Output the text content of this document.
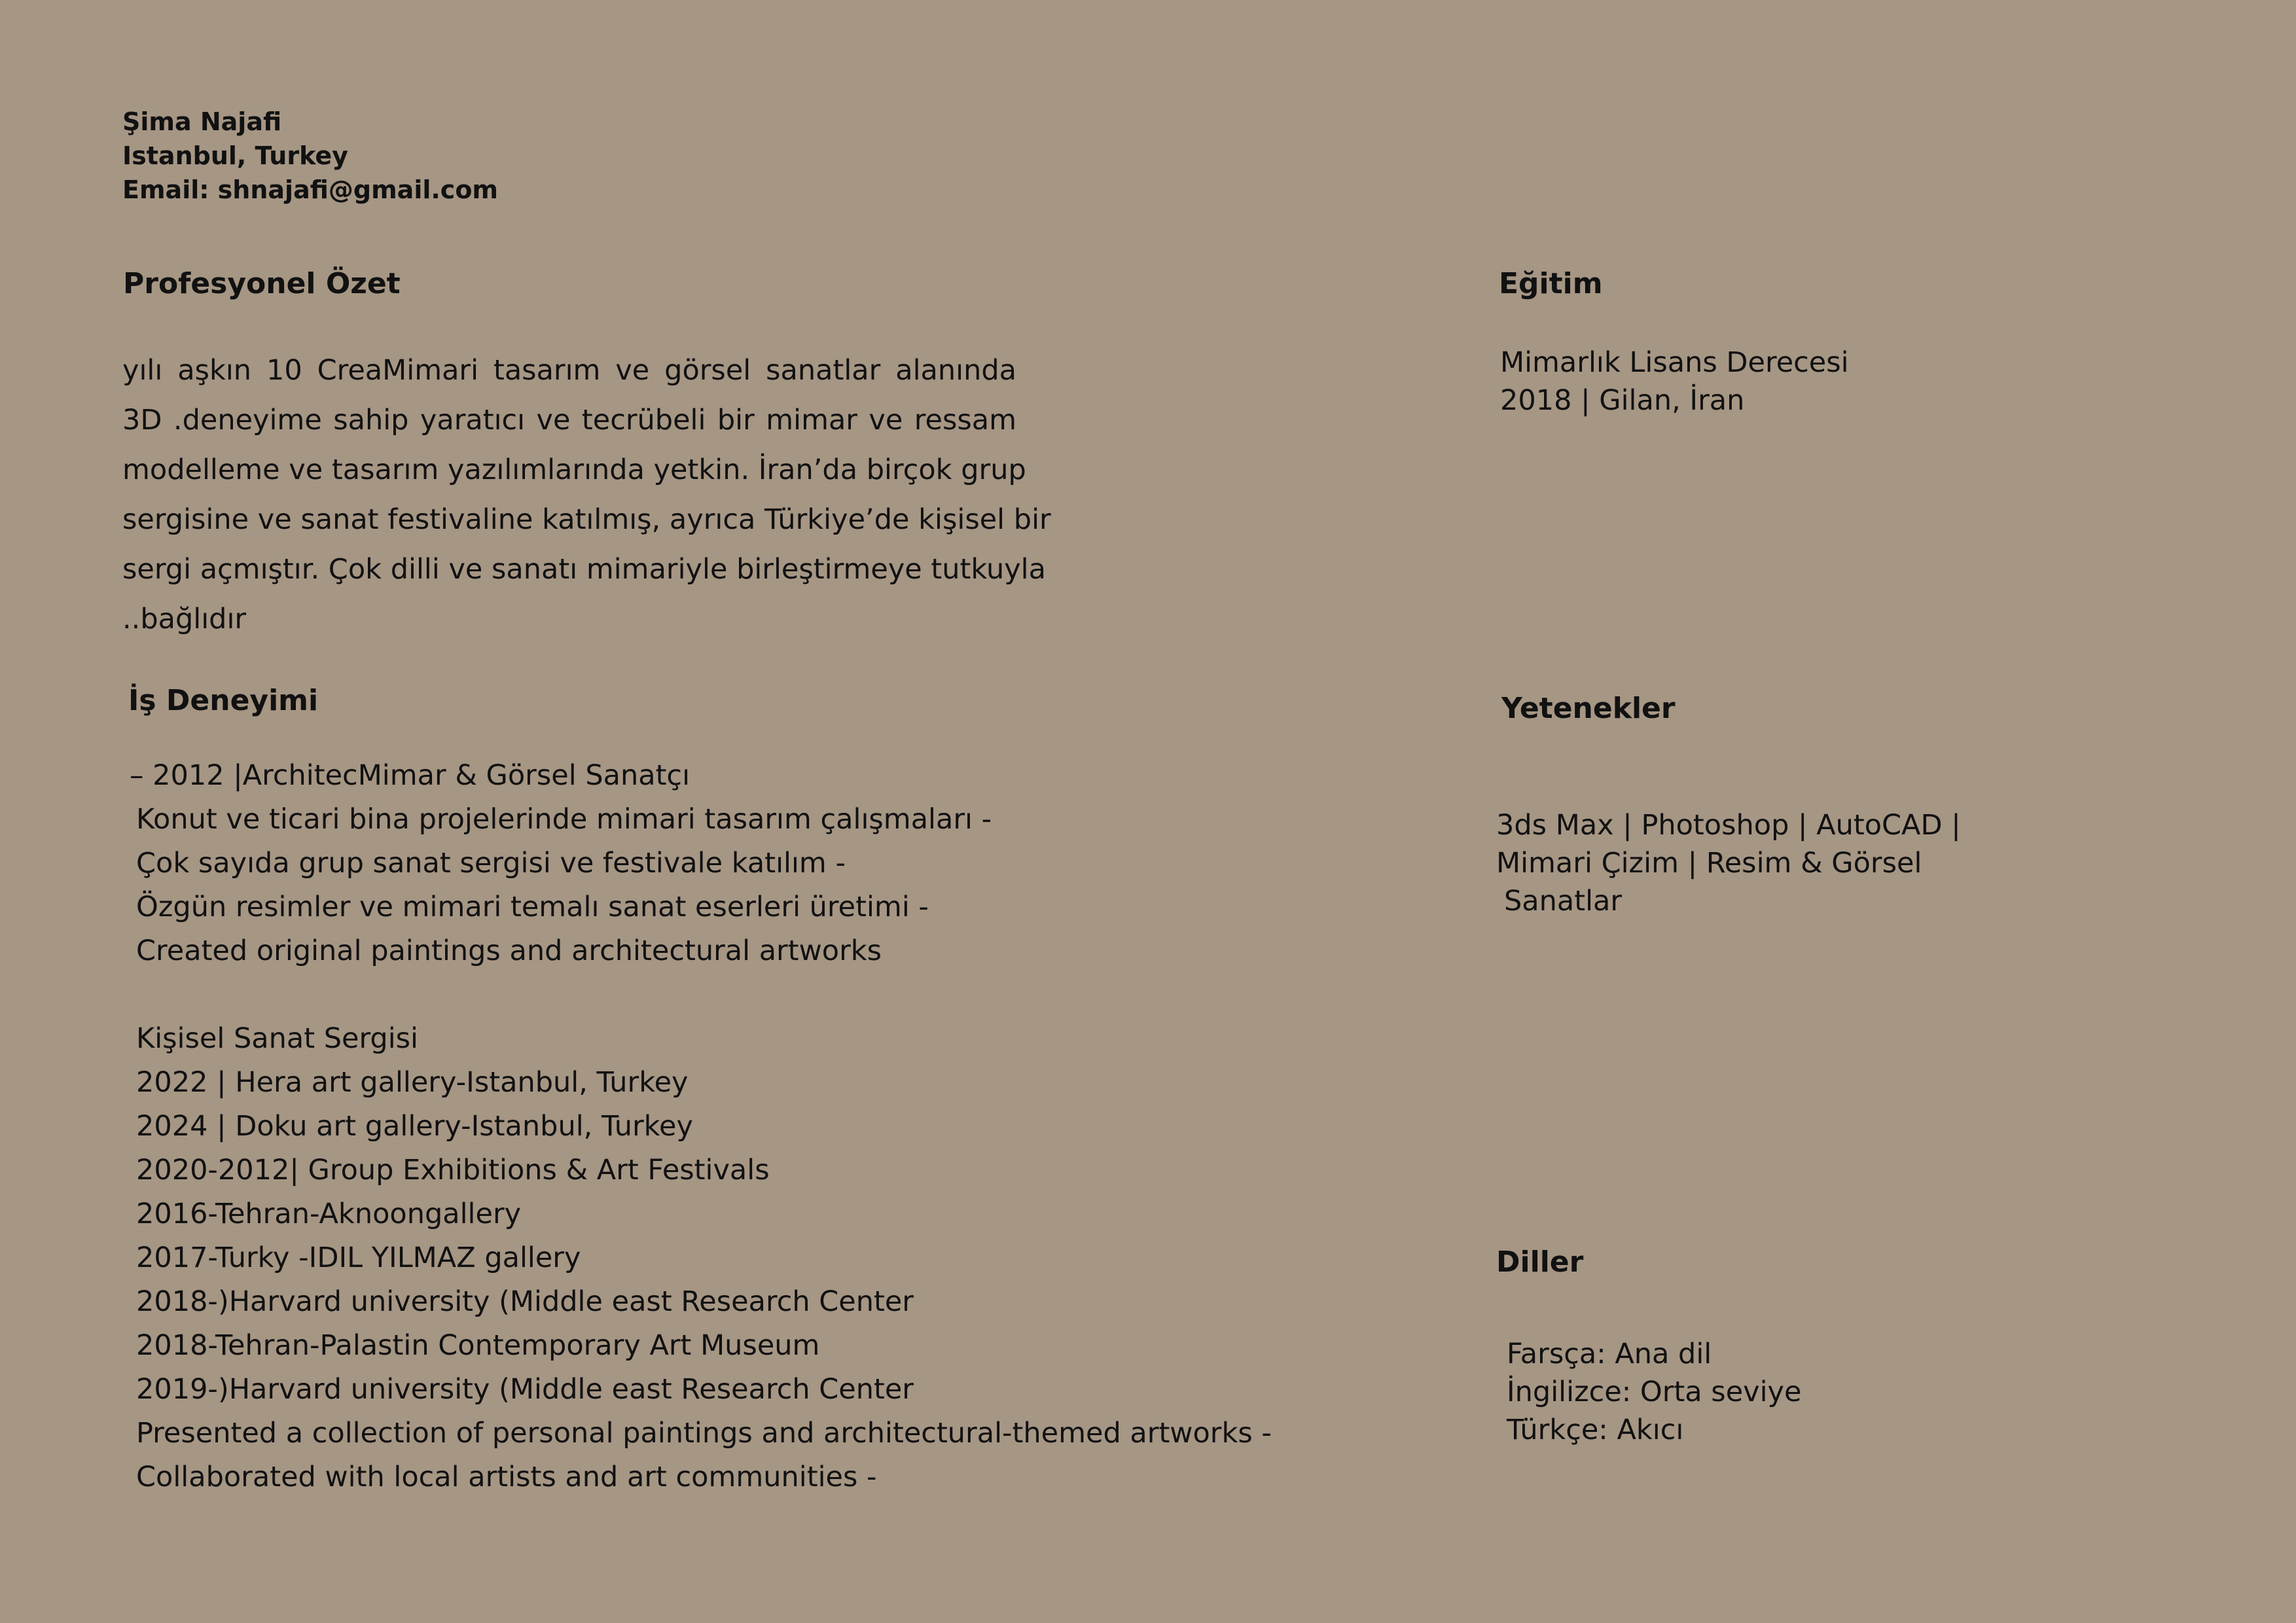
Şima Najafi
Istanbul, Turkey
Email: shnajafi@gmail.com
Profesyonel Özet
yılı aşkın 10 CreaMimari tasarım ve görsel sanatlar alanında
3D .deneyime sahip yaratıcı ve tecrübeli bir mimar ve ressam
modelleme ve tasarım yazılımlarında yetkin. İran’da birçok grup
sergisine ve sanat festivaline katılmış, ayrıca Türkiye’de kişisel bir
sergi açmıştır. Çok dilli ve sanatı mimariyle birleştirmeye tutkuyla
..bağlıdır
İş Deneyimi
– 2012 |ArchitecMimar & Görsel Sanatçı
Konut ve ticari bina projelerinde mimari tasarım çalışmaları -
Çok sayıda grup sanat sergisi ve festivale katılım -
Özgün resimler ve mimari temalı sanat eserleri üretimi -
Created original paintings and architectural artworks
Kişisel Sanat Sergisi
2022 | Hera art gallery-Istanbul, Turkey
2024 | Doku art gallery-Istanbul, Turkey
2020-2012| Group Exhibitions & Art Festivals
2016-Tehran-Aknoongallery
2017-Turky -IDIL YILMAZ gallery
2018-)Harvard university (Middle east Research Center
2018-Tehran-Palastin Contemporary Art Museum
2019-)Harvard university (Middle east Research Center
Presented a collection of personal paintings and architectural-themed artworks -
Collaborated with local artists and art communities -
Eğitim
Mimarlık Lisans Derecesi
2018 | Gilan, İran
Yetenekler
3ds Max | Photoshop | AutoCAD |
Mimari Çizim | Resim & Görsel
Sanatlar
Diller
Farsça: Ana dil
İngilizce: Orta seviye
Türkçe: Akıcı
